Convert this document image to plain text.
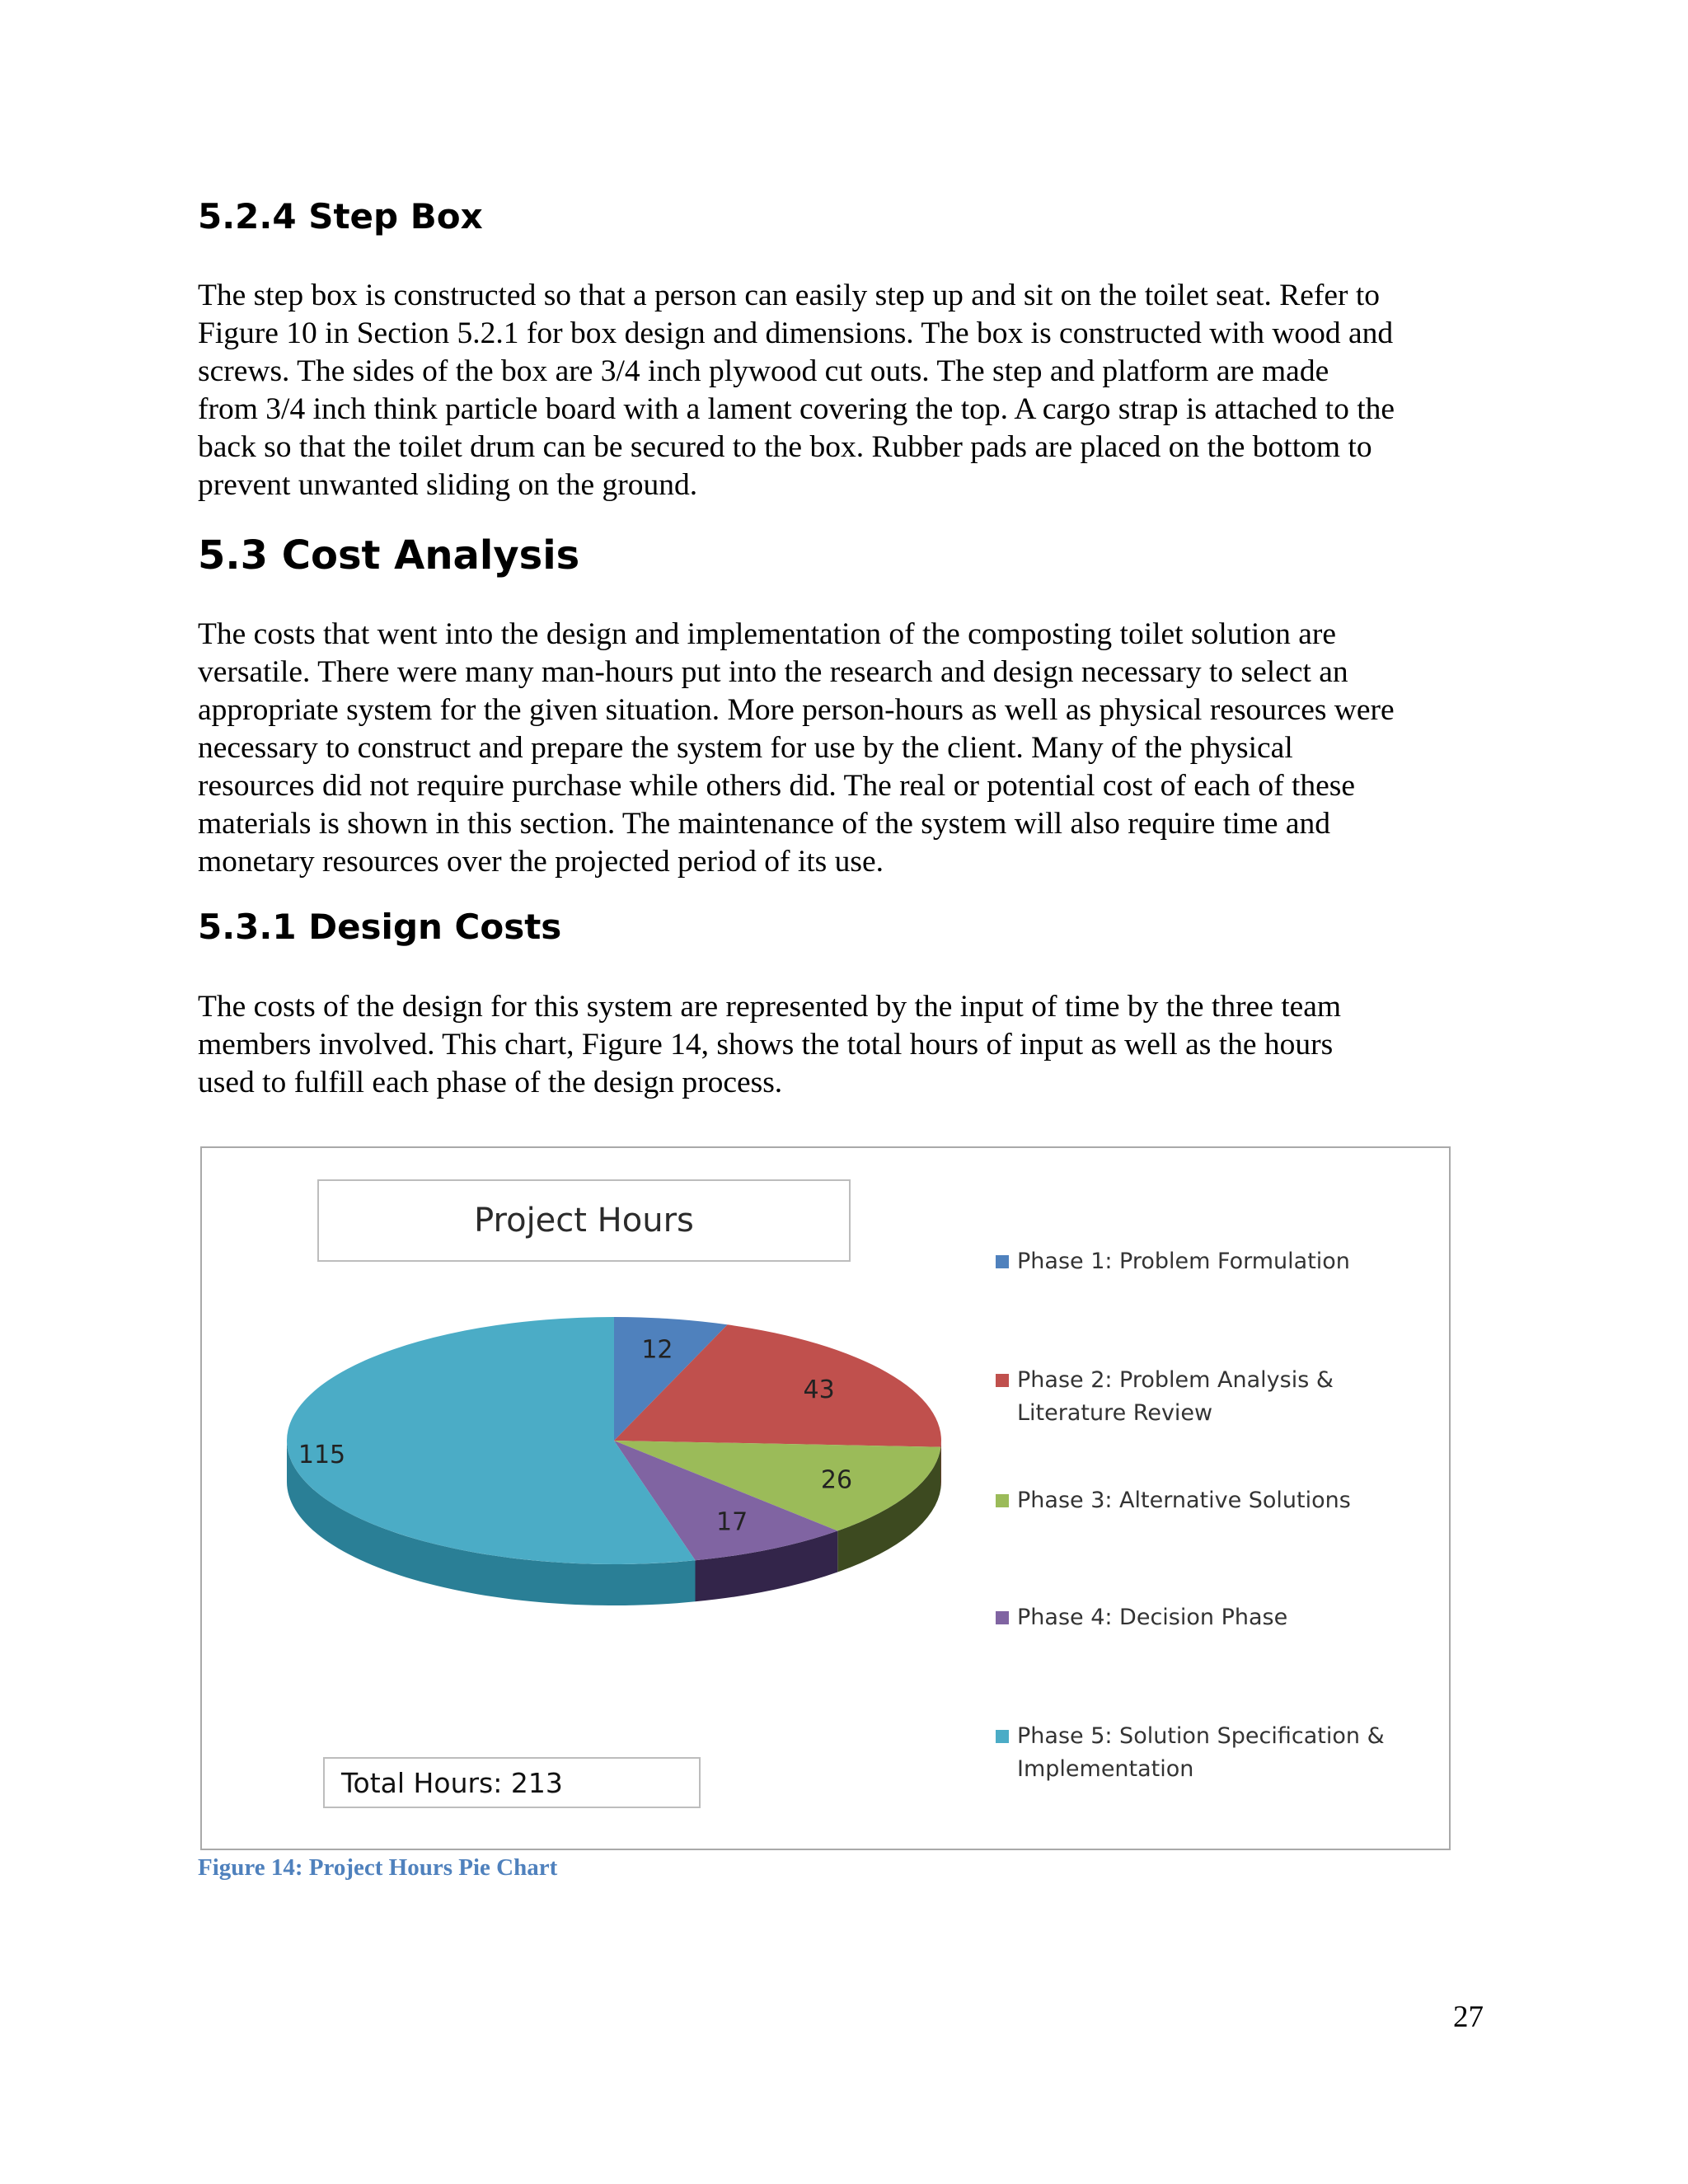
5.2.4 Step Box

The step box is constructed so that a person can easily step up and sit on the toilet seat. Refer to
Figure 10 in Section 5.2.1 for box design and dimensions. The box is constructed with wood and
screws. The sides of the box are 3/4 inch plywood cut outs. The step and platform are made
from 3/4 inch think particle board with a lament covering the top. A cargo strap is attached to the
back so that the toilet drum can be secured to the box. Rubber pads are placed on the bottom to
prevent unwanted sliding on the ground.

5.3 Cost Analysis

The costs that went into the design and implementation of the composting toilet solution are
versatile. There were many man-hours put into the research and design necessary to select an
appropriate system for the given situation. More person-hours as well as physical resources were
necessary to construct and prepare the system for use by the client. Many of the physical
resources did not require purchase while others did. The real or potential cost of each of these
materials is shown in this section. The maintenance of the system will also require time and
monetary resources over the projected period of its use.

5.3.1 Design Costs

The costs of the design for this system are represented by the input of time by the three team
members involved. This chart, Figure 14, shows the total hours of input as well as the hours
used to fulfill each phase of the design process.

Project Hours
12
43
26
17
115
Phase 1: Problem Formulation
Phase 2: Problem Analysis &
Literature Review
Phase 3: Alternative Solutions
Phase 4: Decision Phase
Phase 5: Solution Specification &
Implementation
Total Hours: 213

Figure 14: Project Hours Pie Chart

27
